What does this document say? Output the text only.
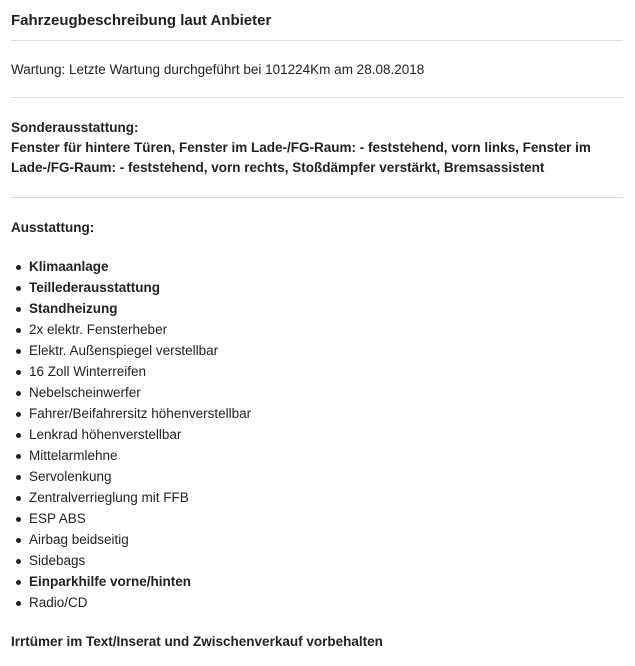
Fahrzeugbeschreibung laut Anbieter
Wartung: Letzte Wartung durchgeführt bei 101224Km am 28.08.2018
Sonderausstattung:
Fenster für hintere Türen, Fenster im Lade-/FG-Raum: - feststehend, vorn links, Fenster im Lade-/FG-Raum: - feststehend, vorn rechts, Stoßdämpfer verstärkt, Bremsassistent
Ausstattung:
Klimaanlage
Teillederausstattung
Standheizung
2x elektr. Fensterheber
Elektr. Außenspiegel verstellbar
16 Zoll Winterreifen
Nebelscheinwerfer
Fahrer/Beifahrersitz höhenverstellbar
Lenkrad höhenverstellbar
Mittelarmlehne
Servolenkung
Zentralverrieglung mit FFB
ESP ABS
Airbag beidseitig
Sidebags
Einparkhilfe vorne/hinten
Radio/CD
Irrtümer im Text/Inserat und Zwischenverkauf vorbehalten
